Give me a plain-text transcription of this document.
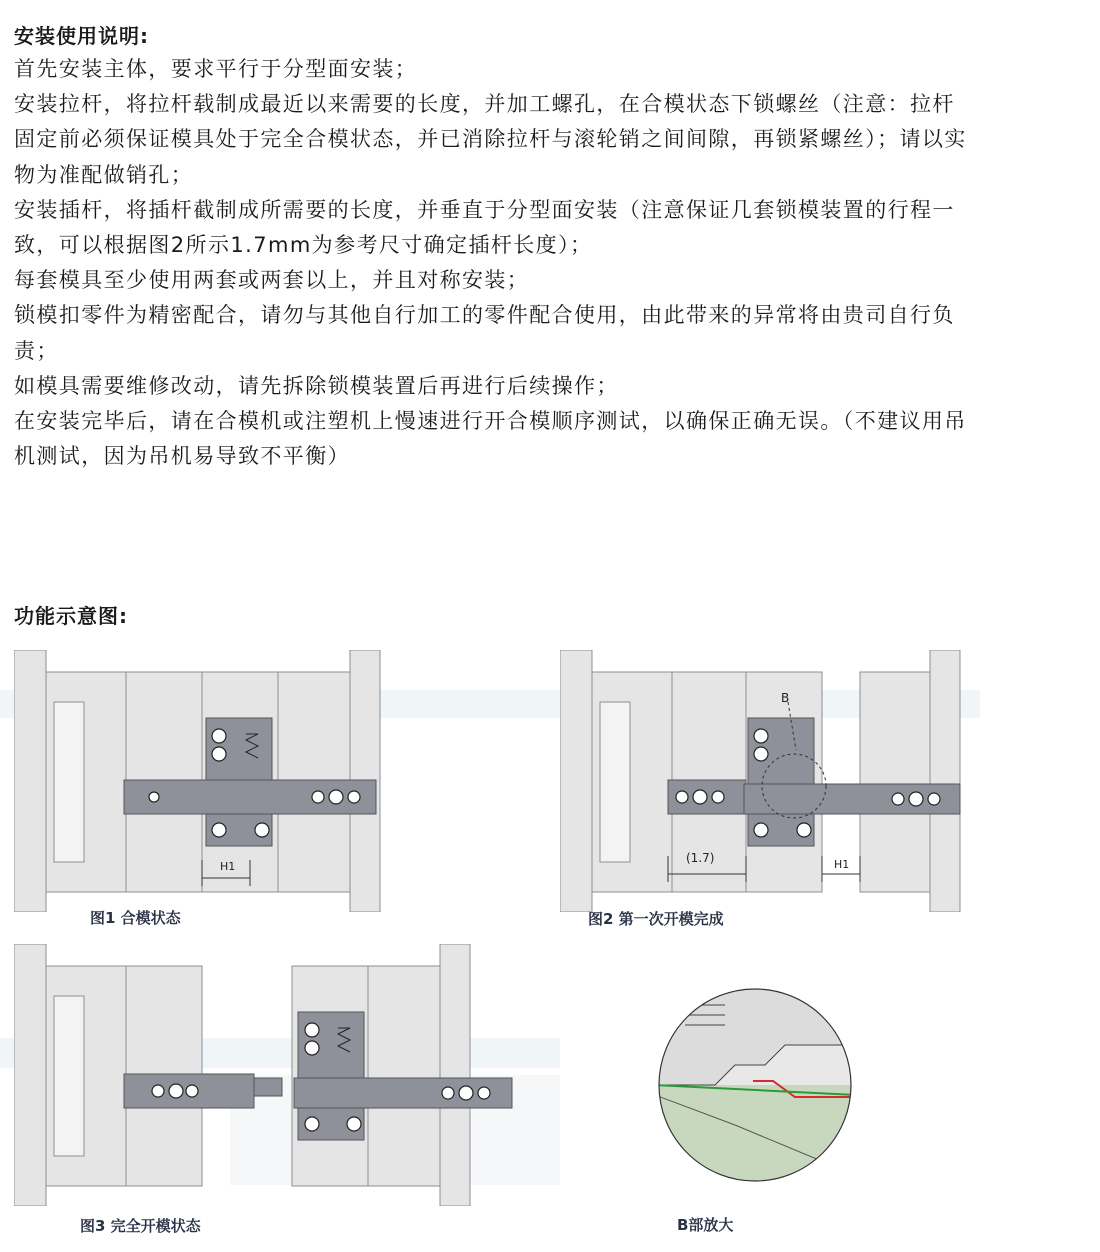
安装使用说明:

首先安装主体，要求平行于分型面安装；

安装拉杆，将拉杆载制成最近以来需要的长度，并加工螺孔，在合模状态下锁螺丝（注意：拉杆固定前必须保证模具处于完全合模状态，并已消除拉杆与滚轮销之间间隙，再锁紧螺丝）；请以实物为准配做销孔；

安装插杆，将插杆截制成所需要的长度，并垂直于分型面安装（注意保证几套锁模装置的行程一致，可以根据图2所示1.7mm为参考尺寸确定插杆长度）；

每套模具至少使用两套或两套以上，并且对称安装；

锁模扣零件为精密配合，请勿与其他自行加工的零件配合使用，由此带来的异常将由贵司自行负责；

如模具需要维修改动，请先拆除锁模装置后再进行后续操作；

在安装完毕后，请在合模机或注塑机上慢速进行开合模顺序测试，以确保正确无误。（不建议用吊机测试，因为吊机易导致不平衡）

功能示意图:
H1
图1 合模状态
B
(1.7)	H1
图2 第一次开模完成
图3 完全开模状态	B部放大
